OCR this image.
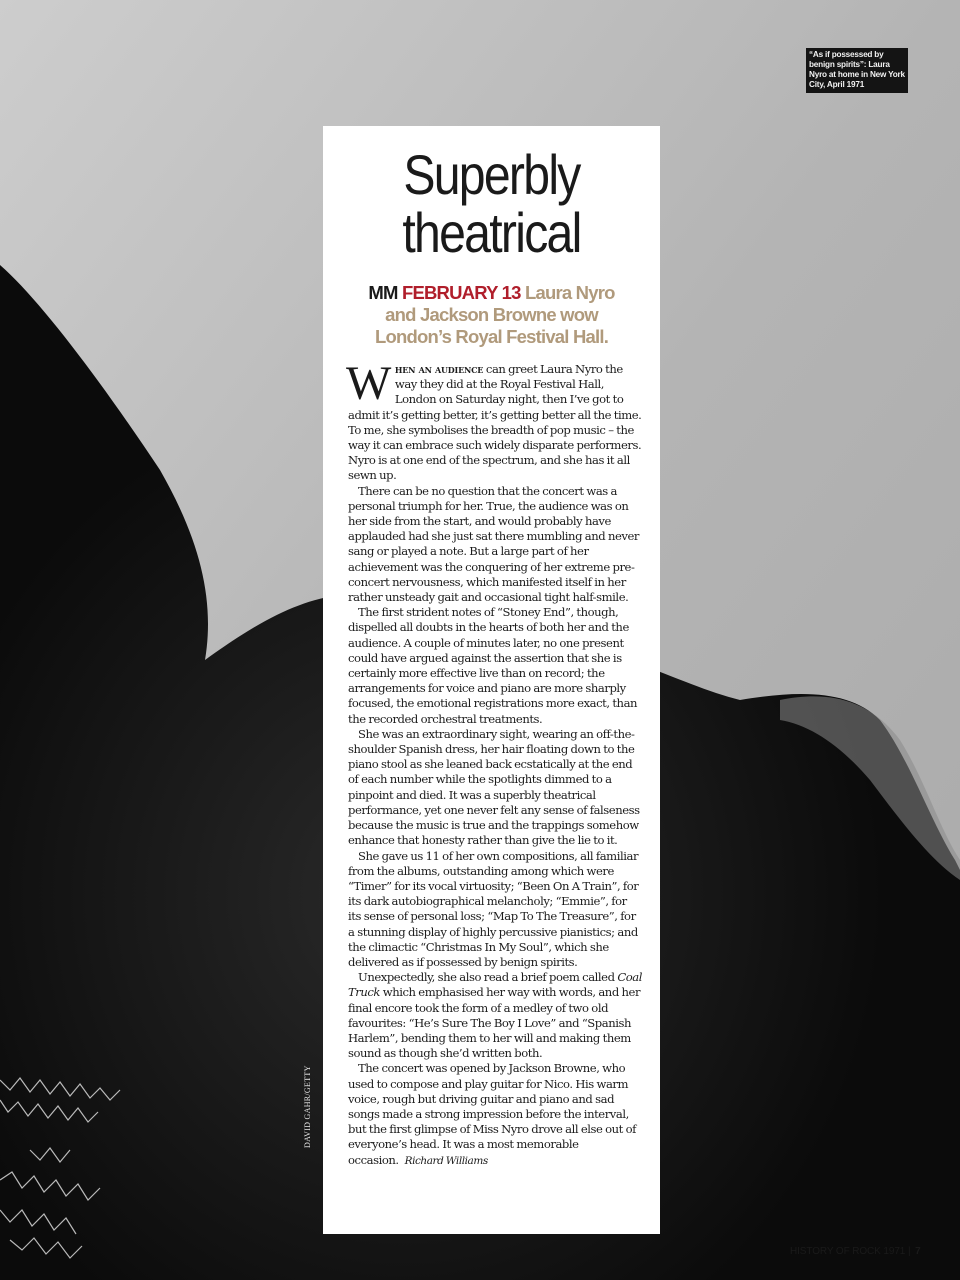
“As if possessed by benign spirits”: Laura Nyro at home in New York City, April 1971
DAVID GAHR/GETTY
Superbly
theatrical
MM FEBRUARY 13 Laura Nyro and Jackson Browne wow London’s Royal Festival Hall.

When an audience can greet Laura Nyro the way they did at the Royal Festival Hall, London on Saturday night, then I’ve got to admit it’s getting better, it’s getting better all the time. To me, she symbolises the breadth of pop music – the way it can embrace such widely disparate performers. Nyro is at one end of the spectrum, and she has it all sewn up.

There can be no question that the concert was a personal triumph for her. True, the audience was on her side from the start, and would probably have applauded had she just sat there mumbling and never sang or played a note. But a large part of her achievement was the conquering of her extreme pre-concert nervousness, which manifested itself in her rather unsteady gait and occasional tight half-smile.

The first strident notes of “Stoney End”, though, dispelled all doubts in the hearts of both her and the audience. A couple of minutes later, no one present could have argued against the assertion that she is certainly more effective live than on record; the arrangements for voice and piano are more sharply focused, the emotional registrations more exact, than the recorded orchestral treatments.

She was an extraordinary sight, wearing an off-the-shoulder Spanish dress, her hair floating down to the piano stool as she leaned back ecstatically at the end of each number while the spotlights dimmed to a pinpoint and died. It was a superbly theatrical performance, yet one never felt any sense of falseness because the music is true and the trappings somehow enhance that honesty rather than give the lie to it.

She gave us 11 of her own compositions, all familiar from the albums, outstanding among which were “Timer” for its vocal virtuosity; “Been On A Train”, for its dark autobiographical melancholy; “Emmie”, for its sense of personal loss; “Map To The Treasure”, for a stunning display of highly percussive pianistics; and the climactic “Christmas In My Soul”, which she delivered as if possessed by benign spirits.

Unexpectedly, she also read a brief poem called Coal Truck which emphasised her way with words, and her final encore took the form of a medley of two old favourites: “He’s Sure The Boy I Love” and “Spanish Harlem”, bending them to her will and making them sound as though she’d written both.

The concert was opened by Jackson Browne, who used to compose and play guitar for Nico. His warm voice, rough but driving guitar and piano and sad songs made a strong impression before the interval, but the first glimpse of Miss Nyro drove all else out of everyone’s head. It was a most memorable occasion. Richard Williams

HISTORY OF ROCK 1971 | 7
